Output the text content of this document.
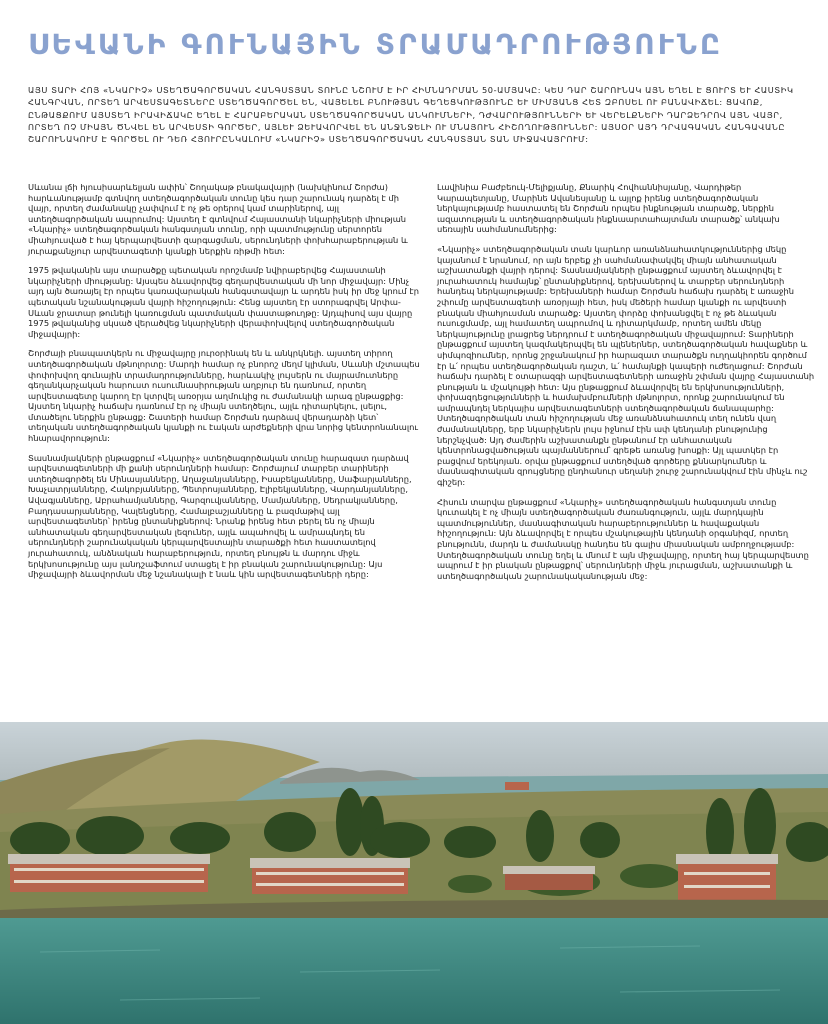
ՍԵՎԱՆԻ ԳՈՒՆԱՅԻՆ ՏՐԱՄԱԴՐՈՒԹՅՈՒՆԸ

ԱՅՍ ՏԱՐԻ ՀՈՅ «ՆԿԱՐԻՉ» ՍՏԵՂԾԱԳՈՐԾԱԿԱՆ ՀԱՆԳՍՏՅԱՆ ՏՈՒՆԸ ՆՇՈՒՄ Է ԻՐ ՀԻՄՆԱԴՐՄԱՆ 50-ԱՄՅԱԿԸ: ԿԵՍ ԴԱՐ ՇԱՐՈՒՆԱԿ ԱՅՆ ԵՂԵԼ Է ՑՈՒՐՏ ԵՒ ՀԱՍՏԻԿ ՀԱՆԳՐՎԱՆ, ՈՐՏԵՂ ԱՐՎԵՍՏԱԳԵՏՆԵՐԸ ՍՏԵՂԾԱԳՈՐԾԵԼ ԵՆ, ՎԱՅԵԼԵԼ ԲՆՈՒԹՅԱՆ ԳԵՂԵՑԿՈՒԹՅՈՒՆԸ ԵՒ ՄԻՄՅԱՆՑ ՀԵՏ ԶԲՈՍԵԼ ՈՒ ԲԱՆԱՎԻՃԵԼ: ՑԱՎՈՔ, ԸՆԹԱՑՔՈՒՄ ԱՅՍՏԵՂ ԻՐԱՎԻՃԱԿԸ ԵՂԵԼ Է ՀԱՐԱԲԵՐԱԿԱՆ ՍՏԵՂԾԱԳՈՐԾԱԿԱՆ ԱՆԿՈՒՄՆԵՐԻ, ԴԺՎԱՐՈՒԹՅՈՒՆՆԵՐԻ ԵՒ ՎԵՐԵԼՔՆԵՐԻ ԴԱՐՁԵԴՐՈՎ ԱՅՆ ՎԱՅՐ, ՈՐՏԵՂ ՈՉ ՄԻԱՅՆ ԾՆՎԵԼ ԵՆ ԱՐՎԵՍՏԻ ԳՈՐԾԵՐ, ԱՅԼԵՒ ՁԵՒԱՎՈՐՎԵԼ ԵՆ ԱՆՋՆՋԵԼԻ ՈՒ ՄՆԱՅՈՒՆ ՀԻՇՈՂՈՒԹՅՈՒՆՆԵՐ: ԱՅՍՕՐ ԱՅԴ ԴՐՎԱԳԱԿԱՆ ՀԱՆԳԱՎԱՆԸ ՇԱՐՈՒՆԱԿՈՒՄ Է ԳՈՐԾԵԼ ՈՒ ԴԵՌ ՀՅՈՒՐԸՆԿԱԼՈՒՄ «ՆԿԱՐԻՉ» ՍՏԵՂԾԱԳՈՐԾԱԿԱՆ ՀԱՆԳՍՏՅԱՆ ՏԱՆ ՄԻՋԱՎԱՅՐՈՒՄ:

Սևանա լճի հյուսիսարևելյան ափին՝ Շողակաթ բնակավայրի (նախկինում Շորժա) հարևանությամբ գտնվող ստեղծագործական տունը կես դար շարունակ դարձել է մի վայր, որտեղ ժամանակը չափվում է ոչ թե օրերով կամ տարիներով, այլ ստեղծագործական ապրումով: Այստեղ է գտնվում Հայաստանի նկարիչների միության «Նկարիչ» ստեղծագործական հանգստյան տունը, որի պատմությունը սերտորեն միահյուսված է հայ կերպարվեստի զարգացման, սերունդների փոխհարաբերության և յուրաքանչյուր արվեստագետի կյանքի ներքին ռիթմի հետ:

1975 թվականին այս տարածքը պետական որոշմամբ նվիրաբերվեց Հայաստանի նկարիչների միությանը: Այսպես ձևավորվեց գեղարվեստական մի նոր միջավայր: Մինչ այդ այն ծառայել էր որպես կառավարական հանգստավայր և արդեն իսկ իր մեջ կրում էր պետական նշանակության վայրի հիշողություն: Հենց այստեղ էր ստորագրվել Արփա-Սևան ջրատար թունելի կառուցման պատմական փաստաթուղթը: Այդպիսով այս վայրը 1975 թվականից սկսած վերածվեց նկարիչների վերափոխվելով ստեղծագործական միջավայրի:

Շորժայի բնապատկերն ու միջավայրը յուրօրինակ են և անկրկնելի. այստեղ տիրող ստեղծագործական մթնոլորտը: Մարդի համար ոչ բնորոշ մեղմ կլիման, Սևանի մշտապես փոփոխվող գունային տրամադրությունները, հարևակիչ լույսերն ու մայրամուտները գեղանկարչական հարուստ ուսումնասիրության աղբյուր են դառնում, որտեղ արվեստագետը կարող էր կտրվել առօրյա աղմուկից ու ժամանակի արագ ընթացքից: Այստեղ նկարիչ հաճախ դառնում էր ոչ միայն ստեղծելու, այլև դիտարկելու, լսելու, մտածելու ներքին ընթացք: Շատերի համար Շորժան դարձավ վերադարձի կետ՝ տեղական ստեղծագործական կյանքի ու էական արժեքների վրա նորից կենտրոնանալու հնարավորություն:

Տասնամյակների ընթացքում «Նկարիչ» ստեղծագործական տունը հարազատ դարձավ արվեստագետների մի քանի սերունդների համար: Շորժայում տարբեր տարիների ստեղծագործել են Մինասյանները, Աղաջանյանները, Իսաբեկյանները, Սաֆարյանները, Խաչատրյանները, Հակոբյանները, Պետրոսյանները, Էլիբեկյանները, Վարդանյանները, Ավագյանները, Աբրահամյանները, Գարզուվյանները, Մամյանները, Սեդրակյանները, Բաղդասարյանները, Կալենցները, Համալբաշյանները և բազմաթիվ այլ արվեստագետներ՝ իրենց ընտանիքներով: Նրանք իրենց հետ բերել են ոչ միայն անհատական գեղարվեստական լեզուներ, այլև ապահովել և ամրապնդել են սերունդների շարունակական կերպարվեստային տարածքի հետ հաստատելով յուրահատուկ, անձնական հարաբերություն, որտեղ բնույթն և մարդու միջև երկխոսությունը այս լանդշաֆտում ստացել է իր բնական շարունակությունը: Այս միջավայրի ձևավորման մեջ նշանակալի է նաև կին արվեստագետների դերը:

Լավինիա Բաժբեուկ-Մելիքյանը, Քնարիկ Հովհաննիսյանը, Վարդիթեր Կարապետյանը, Մարինե Ավանեսյանը և այլոք իրենց ստեղծագործական ներկայությամբ հաստատել են Շորժան որպես ինքնության տարածք, ներքին ազատության և ստեղծագործական ինքնաարտահայտման տարածք՝ անկախ սեռային սահմանումներից:

«Նկարիչ» ստեղծագործական տան կարևոր առանձնահատկություններից մեկը կայանում է նրանում, որ այն երբեք չի սահմանափակվել միայն անհատական աշխատանքի վայրի դերով: Տասնամյակների ընթացքում այստեղ ձևավորվել է յուրահատուկ համայնք՝ ընտանիքներով, երեխաներով և տարբեր սերունդների հանդեպ ներկայությամբ: Երեխաների համար Շորժան հաճախ դարձել է առաջին շփումը արվեստագետի առօրյայի հետ, իսկ մեծերի համար կյանքի ու արվեստի բնական միահյուսման տարածք: Այստեղ փորձը փոխանցվել է ոչ թե ձևական ուսուցմամբ, այլ համատեղ ապրումով և դիտարկմամբ, որտեղ ամեն մեկը ներկայությունը լրացրեց ներդրում է ստեղծագործական միջավայրում: Տարիների ընթացքում այստեղ կազմակերպվել են պլեներներ, ստեղծագործական հավաքներ և սիմպոզիումներ, որոնց շրջանակում իր հարազատ տարածքն ուղղակիորեն գործում էր և՛ որպես ստեղծագործական դաշտ, և՛ համայնքի կապերի ուժեղացում: Շորժան հաճախ դարձել է օտարազգի արվեստագետների առաջին շփման վայրը Հայաստանի բնության և մշակույթի հետ: Այս ընթացքում ձևավորվել են երկխոսությունների, փոխազդեցությունների և համախմբումների մթնոլորտ, որոնք շարունակում են ամրապնդել ներկայիս արվեստագետների ստեղծագործական ճանապարհը: Ստեղծագործական տան հիշողության մեջ առանձնահատուկ տեղ ունեն վաղ ժամանակները, երբ նկարիչներն լույս իջնում էին ափ կենդանի բնությունից ներշնչված: Այդ ժամերին աշխատանքն ընթանում էր անհատական կենտրոնացվածության պայմաններում՝ գրեթե առանց խոսքի: Այլ պատկեր էր բացվում երեկոյան. օրվա ընթացքում ստեղծված գործերը քննարկումներ և մասնագիտական զրույցները ընդհանուր սեղանի շուրջ շարունակվում էին մինչև ուշ գիշեր:

Հիսուն տարվա ընթացքում «Նկարիչ» ստեղծագործական հանգստյան տունը կուտակել է ոչ միայն ստեղծագործական ժառանգություն, այլև մարդկային պատմություններ, մասնագիտական հարաբերություններ և հավաքական հիշողություն: Այն ձևավորվել է որպես մշակութային կենդանի օրգանիզմ, որտեղ բնությունն, մարդն և ժամանակը հանդես են գալիս միասնական ամբողջությամբ: Ստեղծագործական տունը եղել և մնում է այն միջավայրը, որտեղ հայ կերպարվեստը ապրում է իր բնական ընթացքով՝ սերունդների միջև յուրացման, աշխատանքի և ստեղծագործական շարունակականության մեջ:
